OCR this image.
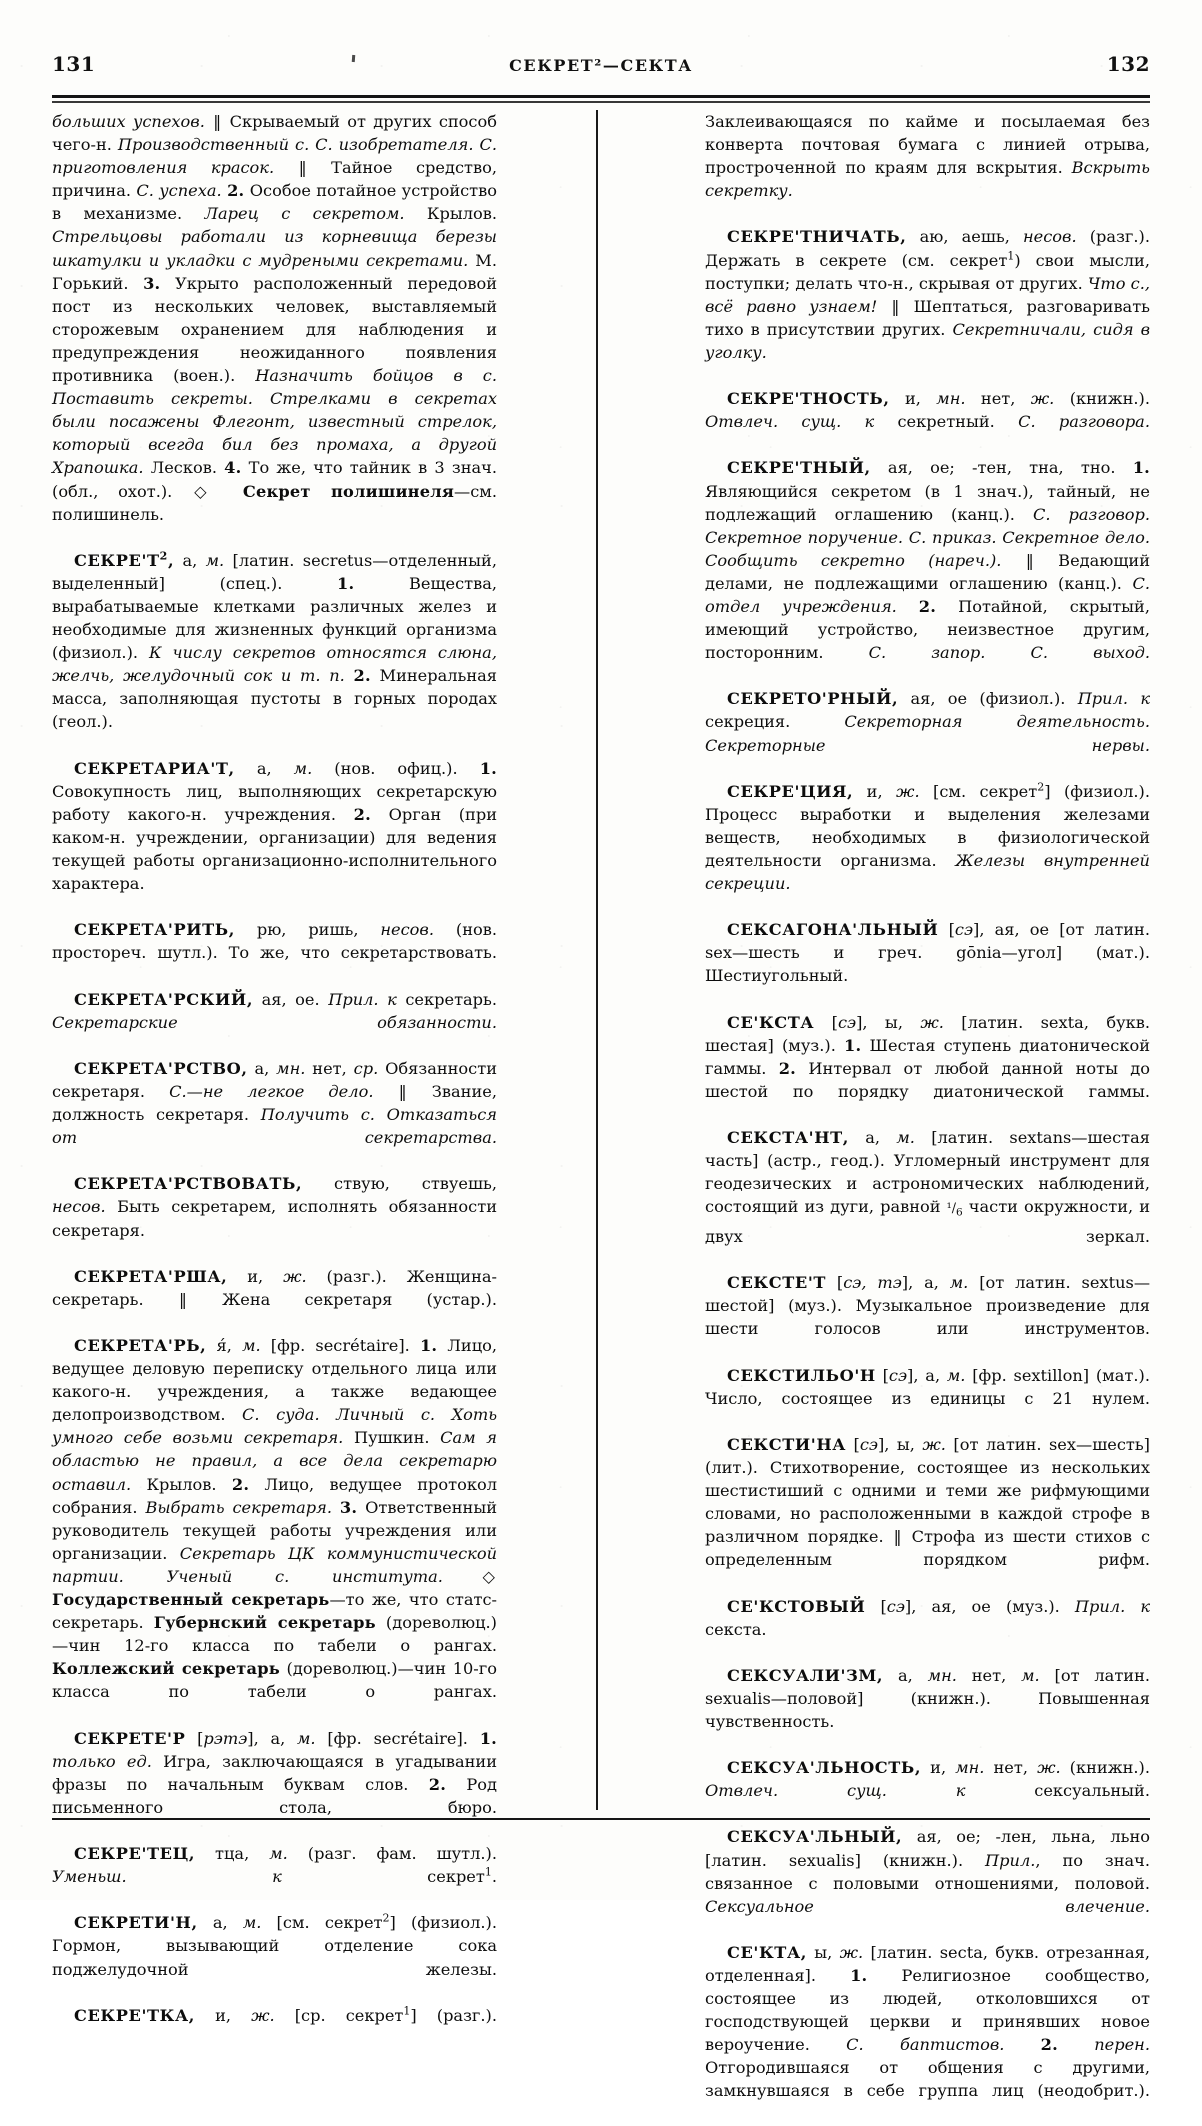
131	СЕКРЕТ²—СЕКТА	132

больших успехов. ‖ Скрываемый от других способ чего-н. Производственный с. С. изобретателя. С. приготовления красок. ‖ Тайное средство, причина. С. успеха. 2. Особое потайное устройство в механизме. Ларец с секретом. Крылов. Стрельцовы работали из корневища березы шкатулки и укладки с мудреными секретами. М. Горький. 3. Укрыто расположенный передовой пост из нескольких человек, выставляемый сторожевым охранением для наблюдения и предупреждения неожиданного появления противника (воен.). Назначить бойцов в с. Поставить секреты. Стрелками в секретах были посажены Флегонт, известный стрелок, который всегда бил без промаха, а другой Храпошка. Лесков. 4. То же, что тайник в 3 знач. (обл., охот.). ◇ Секрет полишинеля—см. полишинель.

$СЕКРЕ'Т^2$, а, м. [латин. secretus—отделенный, выделенный] (спец.). 1. Вещества, вырабатываемые клетками различных желез и необходимые для жизненных функций организма (физиол.). К числу секретов относятся слюна, желчь, желудочный сок и т. п. 2. Минеральная масса, заполняющая пустоты в горных породах (геол.).

СЕКРЕТАРИА'Т, а, м. (нов. офиц.). 1. Совокупность лиц, выполняющих секретарскую работу какого-н. учреждения. 2. Орган (при каком-н. учреждении, организации) для ведения текущей работы организационно-исполнительного характера.

СЕКРЕТА'РИТЬ, рю, ришь, несов. (нов. простореч. шутл.). То же, что секретарствовать.

СЕКРЕТА'РСКИЙ, ая, ое. Прил. к секретарь. Секретарские обязанности.

СЕКРЕТА'РСТВО, а, мн. нет, ср. Обязанности секретаря. С.—не легкое дело. ‖ Звание, должность секретаря. Получить с. Отказаться от секретарства.

СЕКРЕТА'РСТВОВАТЬ, ствую, ствуешь, несов. Быть секретарем, исполнять обязанности секретаря.

СЕКРЕТА'РША, и, ж. (разг.). Женщина-секретарь. ‖ Жена секретаря (устар.).

СЕКРЕТА'РЬ, я́, м. [фр. secrétaire]. 1. Лицо, ведущее деловую переписку отдельного лица или какого-н. учреждения, а также ведающее делопроизводством. С. суда. Личный с. Хоть умного себе возьми секретаря. Пушкин. Сам я областью не правил, а все дела секретарю оставил. Крылов. 2. Лицо, ведущее протокол собрания. Выбрать секретаря. 3. Ответственный руководитель текущей работы учреждения или организации. Секретарь ЦК коммунистической партии. Ученый с. института. ◇ Государственный секретарь—то же, что статс-секретарь. Губернский секретарь (дореволюц.)—чин 12-го класса по табели о рангах. Коллежский секретарь (дореволюц.)—чин 10-го класса по табели о рангах.

СЕКРЕТЕ'Р [рэтэ], а, м. [фр. secrétaire]. 1. только ед. Игра, заключающаяся в угадывании фразы по начальным буквам слов. 2. Род письменного стола, бюро.

СЕКРЕ'ТЕЦ, тца, м. (разг. фам. шутл.). Уменьш. к секрет$^1$.

СЕКРЕТИ'Н, а, м. [см. секрет$^2$] (физиол.). Гормон, вызывающий отделение сока поджелудочной железы.

СЕКРЕ'ТКА, и, ж. [ср. секрет$^1$] (разг.).

Заклеивающаяся по кайме и посылаемая без конверта почтовая бумага с линией отрыва, простроченной по краям для вскрытия. Вскрыть секретку.

СЕКРЕ'ТНИЧАТЬ, аю, аешь, несов. (разг.). Держать в секрете (см. секрет$^1$) свои мысли, поступки; делать что-н., скрывая от других. Что с., всё равно узнаем! ‖ Шептаться, разговаривать тихо в присутствии других. Секретничали, сидя в уголку.

СЕКРЕ'ТНОСТЬ, и, мн. нет, ж. (книжн.). Отвлеч. сущ. к секретный. С. разговора.

СЕКРЕ'ТНЫЙ, ая, ое; -тен, тна, тно. 1. Являющийся секретом (в 1 знач.), тайный, не подлежащий оглашению (канц.). С. разговор. Секретное поручение. С. приказ. Секретное дело. Сообщить секретно (нареч.). ‖ Ведающий делами, не подлежащими оглашению (канц.). С. отдел учреждения. 2. Потайной, скрытый, имеющий устройство, неизвестное другим, посторонним. С. запор. С. выход.

СЕКРЕТО'РНЫЙ, ая, ое (физиол.). Прил. к секреция. Секреторная деятельность. Секреторные нервы.

СЕКРЕ'ЦИЯ, и, ж. [см. секрет$^2$] (физиол.). Процесс выработки и выделения железами веществ, необходимых в физиологической деятельности организма. Железы внутренней секреции.

СЕКСАГОНА'ЛЬНЫЙ [сэ], ая, ое [от латин. sex—шесть и греч. gōnia—угол] (мат.). Шестиугольный.

СЕ'КСТА [сэ], ы, ж. [латин. sexta, букв. шестая] (муз.). 1. Шестая ступень диатонической гаммы. 2. Интервал от любой данной ноты до шестой по порядку диатонической гаммы.

СЕКСТА'НТ, а, м. [латин. sextans—шестая часть] (астр., геод.). Угломерный инструмент для геодезических и астрономических наблюдений, состоящий из дуги, равной $^1/_6$ части окружности, и двух зеркал.

СЕКСТЕ'Т [сэ, тэ], а, м. [от латин. sextus—шестой] (муз.). Музыкальное произведение для шести голосов или инструментов.

СЕКСТИЛЬО'Н [сэ], а, м. [фр. sextillon] (мат.). Число, состоящее из единицы с 21 нулем.

СЕКСТИ'НА [сэ], ы, ж. [от латин. sex—шесть] (лит.). Стихотворение, состоящее из нескольких шестистиший с одними и теми же рифмующими словами, но расположенными в каждой строфе в различном порядке. ‖ Строфа из шести стихов с определенным порядком рифм.

СЕ'КСТОВЫЙ [сэ], ая, ое (муз.). Прил. к секста.

СЕКСУАЛИ'ЗМ, а, мн. нет, м. [от латин. sexualis—половой] (книжн.). Повышенная чувственность.

СЕКСУА'ЛЬНОСТЬ, и, мн. нет, ж. (книжн.). Отвлеч. сущ. к сексуальный.

СЕКСУА'ЛЬНЫЙ, ая, ое; -лен, льна, льно [латин. sexualis] (книжн.). Прил., по знач. связанное с половыми отношениями, половой. Сексуальное влечение.

СЕ'КТА, ы, ж. [латин. secta, букв. отрезанная, отделенная]. 1. Религиозное сообщество, состоящее из людей, отколовшихся от господствующей церкви и принявших новое вероучение. С. баптистов. 2. перен. Отгородившаяся от общения с другими, замкнувшаяся в себе группа лиц (неодобрит.).
